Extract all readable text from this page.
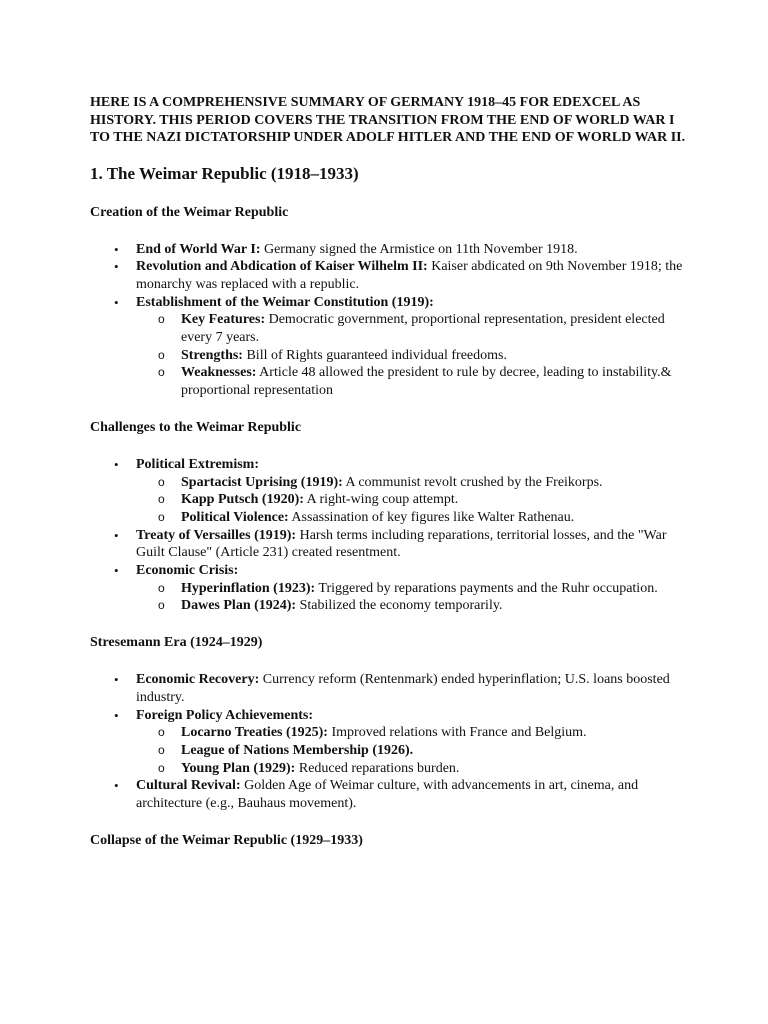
HERE IS A COMPREHENSIVE SUMMARY OF GERMANY 1918–45 FOR EDEXCEL AS HISTORY. THIS PERIOD COVERS THE TRANSITION FROM THE END OF WORLD WAR I TO THE NAZI DICTATORSHIP UNDER ADOLF HITLER AND THE END OF WORLD WAR II.

1. The Weimar Republic (1918–1933)
Creation of the Weimar Republic
• End of World War I: Germany signed the Armistice on 11th November 1918.
• Revolution and Abdication of Kaiser Wilhelm II: Kaiser abdicated on 9th November 1918; the monarchy was replaced with a republic.
• Establishment of the Weimar Constitution (1919):
o Key Features: Democratic government, proportional representation, president elected every 7 years.
o Strengths: Bill of Rights guaranteed individual freedoms.
o Weaknesses: Article 48 allowed the president to rule by decree, leading to instability.& proportional representation
Challenges to the Weimar Republic
• Political Extremism:
o Spartacist Uprising (1919): A communist revolt crushed by the Freikorps.
o Kapp Putsch (1920): A right-wing coup attempt.
o Political Violence: Assassination of key figures like Walter Rathenau.
• Treaty of Versailles (1919): Harsh terms including reparations, territorial losses, and the "War Guilt Clause" (Article 231) created resentment.
• Economic Crisis:
o Hyperinflation (1923): Triggered by reparations payments and the Ruhr occupation.
o Dawes Plan (1924): Stabilized the economy temporarily.
Stresemann Era (1924–1929)
• Economic Recovery: Currency reform (Rentenmark) ended hyperinflation; U.S. loans boosted industry.
• Foreign Policy Achievements:
o Locarno Treaties (1925): Improved relations with France and Belgium.
o League of Nations Membership (1926).
o Young Plan (1929): Reduced reparations burden.
• Cultural Revival: Golden Age of Weimar culture, with advancements in art, cinema, and architecture (e.g., Bauhaus movement).
Collapse of the Weimar Republic (1929–1933)
